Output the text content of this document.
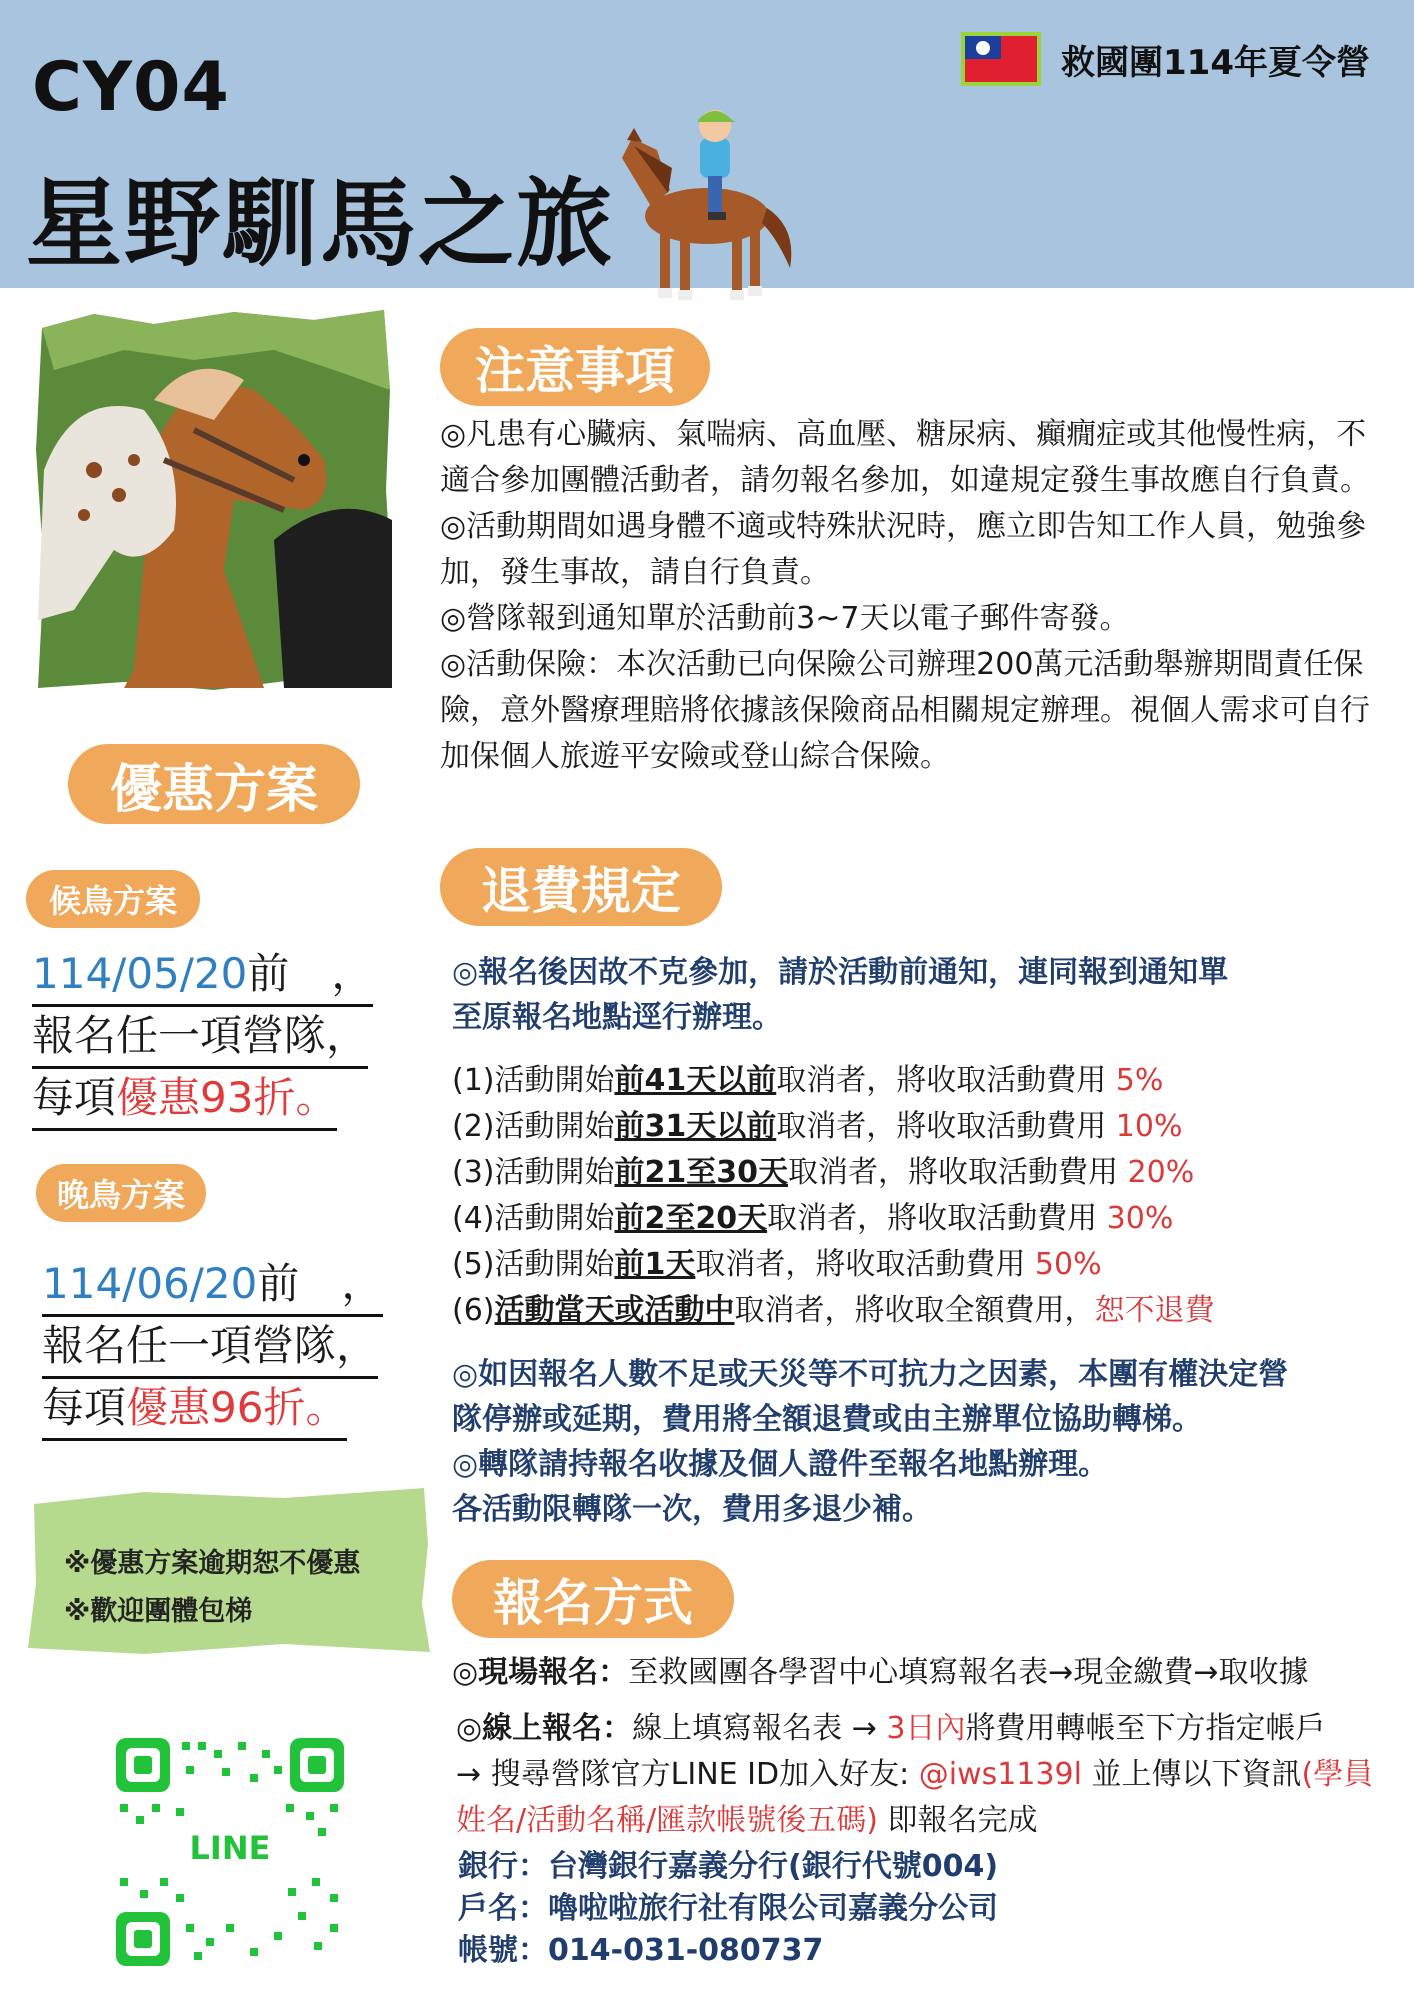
CY04
星野馴馬之旅
救國團114年夏令營
注意事項
退費規定
報名方式
優惠方案
◎凡患有心臟病、氣喘病、高血壓、糖尿病、癲癇症或其他慢性病，不適合參加團體活動者，請勿報名參加，如違規定發生事故應自行負責。
◎活動期間如遇身體不適或特殊狀況時，應立即告知工作人員，勉強參加，發生事故，請自行負責。
◎營隊報到通知單於活動前3~7天以電子郵件寄發。
◎活動保險：本次活動已向保險公司辦理200萬元活動舉辦期間責任保險，意外醫療理賠將依據該保險商品相關規定辦理。視個人需求可自行加保個人旅遊平安險或登山綜合保險。
候鳥方案
114/05/20前　，
報名任一項營隊，
每項優惠93折。
晚鳥方案
114/06/20前　，
報名任一項營隊，
每項優惠96折。
※優惠方案逾期恕不優惠
※歡迎團體包梯
◎報名後因故不克參加，請於活動前通知，連同報到通知單
至原報名地點逕行辦理。
(1)活動開始前41天以前取消者，將收取活動費用 5%
(2)活動開始前31天以前取消者，將收取活動費用 10%
(3)活動開始前21至30天取消者，將收取活動費用 20%
(4)活動開始前2至20天取消者，將收取活動費用 30%
(5)活動開始前1天取消者，將收取活動費用 50%
(6)活動當天或活動中取消者，將收取全額費用，恕不退費
◎如因報名人數不足或天災等不可抗力之因素，本團有權決定營
隊停辦或延期，費用將全額退費或由主辦單位協助轉梯。
◎轉隊請持報名收據及個人證件至報名地點辦理。
各活動限轉隊一次，費用多退少補。
◎現場報名：至救國團各學習中心填寫報名表→現金繳費→取收據
◎線上報名：線上填寫報名表 → 3日內將費用轉帳至下方指定帳戶
→ 搜尋營隊官方LINE ID加入好友: @iws1139l 並上傳以下資訊(學員姓名/活動名稱/匯款帳號後五碼) 即報名完成
LINE	銀行：台灣銀行嘉義分行(銀行代號004)
戶名：嚕啦啦旅行社有限公司嘉義分公司
帳號：014-031-080737
